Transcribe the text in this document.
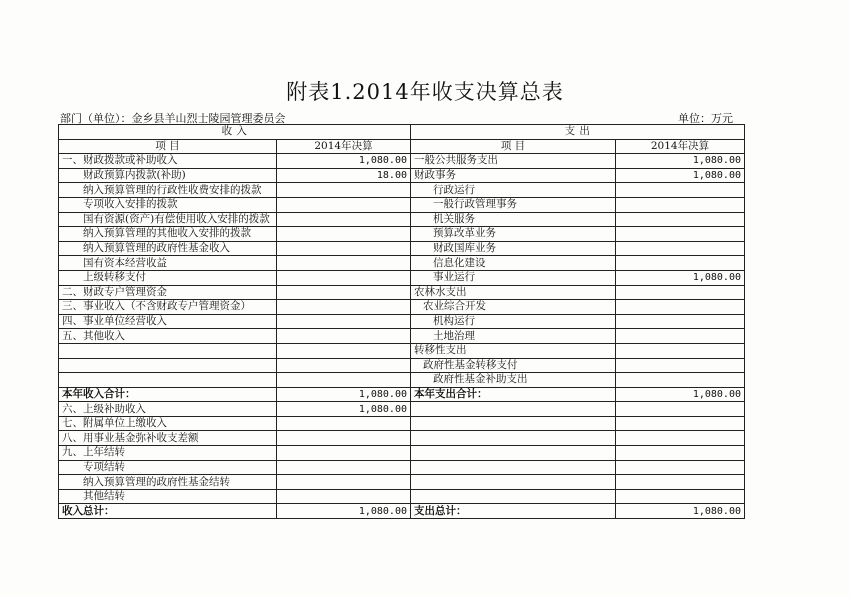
附表1.2014年收支决算总表
部门（单位）：金乡县羊山烈士陵园管理委员会	单位：万元
收 入		支 出	
项 目	2014年决算	项 目	2014年决算
一、财政拨款或补助收入	1,080.00	一般公共服务支出	1,080.00
财政预算内拨款(补助)	18.00	财政事务	1,080.00
纳入预算管理的行政性收费安排的拨款		行政运行	
专项收入安排的拨款		一般行政管理事务	
国有资源(资产)有偿使用收入安排的拨款		机关服务	
纳入预算管理的其他收入安排的拨款		预算改革业务	
纳入预算管理的政府性基金收入		财政国库业务	
国有资本经营收益		信息化建设	
上级转移支付		事业运行	1,080.00
二、财政专户管理资金		农林水支出	
三、事业收入（不含财政专户管理资金）		农业综合开发	
四、事业单位经营收入		机构运行	
五、其他收入		土地治理	
		转移性支出	
		政府性基金转移支付	
		政府性基金补助支出	
本年收入合计：	1,080.00	本年支出合计：	1,080.00
六、上级补助收入	1,080.00		
七、附属单位上缴收入			
八、用事业基金弥补收支差额			
九、上年结转			
专项结转			
纳入预算管理的政府性基金结转			
其他结转			
收入总计：	1,080.00	支出总计：	1,080.00
